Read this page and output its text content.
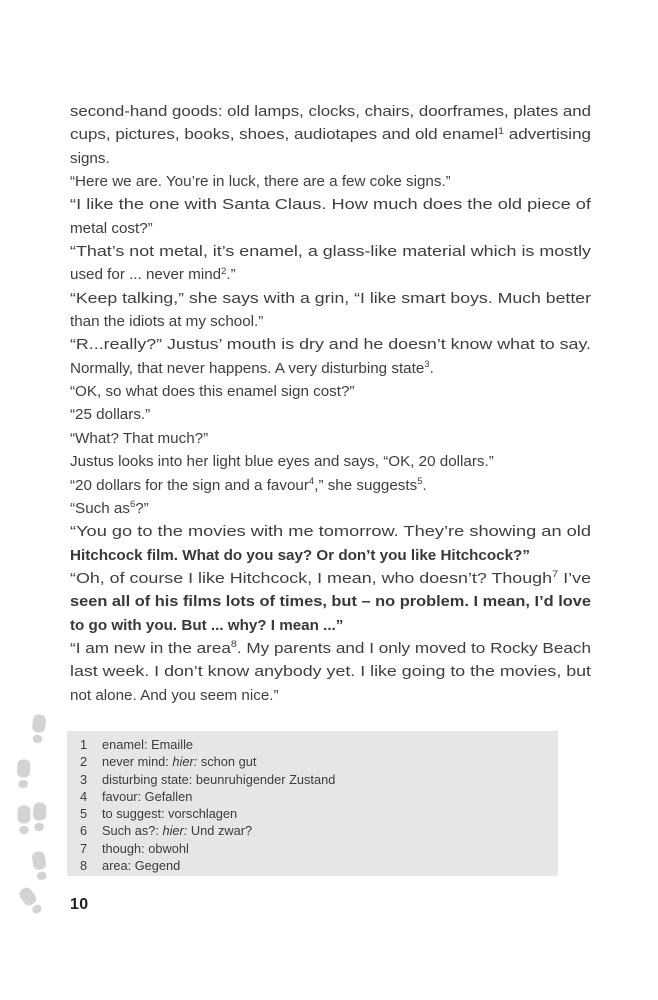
second-hand goods: old lamps, clocks, chairs, doorframes, plates and
cups, pictures, books, shoes, audiotapes and old enamel$^1$ advertising
signs.
“Here we are. You’re in luck, there are a few coke signs.”
“I like the one with Santa Claus. How much does the old piece of
metal cost?”
“That’s not metal, it’s enamel, a glass-like material which is mostly
used for ... never mind$^2$.”
“Keep talking,” she says with a grin, “I like smart boys. Much better
than the idiots at my school.”
“R...really?” Justus’ mouth is dry and he doesn’t know what to say.
Normally, that never happens. A very disturbing state$^3$.
“OK, so what does this enamel sign cost?”
“25 dollars.”
“What? That much?”
Justus looks into her light blue eyes and says, “OK, 20 dollars.”
“20 dollars for the sign and a favour$^4$,” she suggests$^5$.
“Such $as^6$?”
“You go to the movies with me tomorrow. They’re showing an old
Hitchcock film. What do you say? Or don’t you like Hitchcock?”
“Oh, of course I like Hitchcock, I mean, who doesn’t? Though$^7$ I’ve
seen all of his films lots of times, but – no problem. I mean, I’d love
to go with you. But ... why? I mean ...”
“I am new in the area$^8$. My parents and I only moved to Rocky Beach
last week. I don’t know anybody yet. I like going to the movies, but
not alone. And you seem nice.”
1	enamel: Emaille
2	never mind: hier: schon gut
3	disturbing state: beunruhigender Zustand
4	favour: Gefallen
5	to suggest: vorschlagen
6	Such as?: hier: Und zwar?
7	though: obwohl
8	area: Gegend
10
